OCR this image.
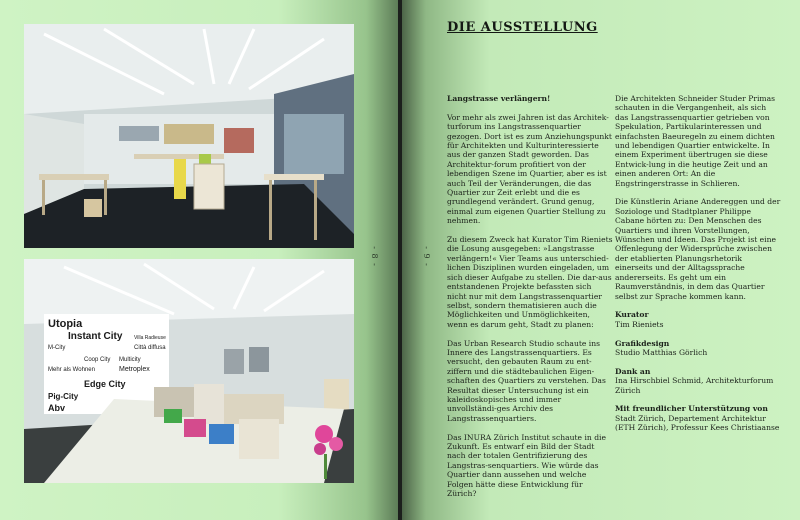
Utopia
Instant City Villa Radieuse
Città diffusa
M-City
Coop City Multicity
Metroplex
Mehr als Wohnen
Edge City
Pig-City
Abv
- 8 -	- 9 -
DIE AUSSTELLUNG

Langstrasse verlängern!

Vor mehr als zwei Jahren ist das Architek-turforum ins Langstrassenquartier gezogen. Dort ist es zum Anziehungspunkt für Architekten und Kulturinteressierte aus der ganzen Stadt geworden. Das Architektur-forum profitiert von der lebendigen Szene im Quartier, aber es ist auch Teil der Veränderungen, die das Quartier zur Zeit erlebt und die es grundlegend verändert. Grund genug, einmal zum eigenen Quartier Stellung zu nehmen.

Zu diesem Zweck hat Kurator Tim Rieniets die Losung ausgegeben: »Langstrasse verlängern!« Vier Teams aus unterschied-lichen Disziplinen wurden eingeladen, um sich dieser Aufgabe zu stellen. Die dar-aus entstandenen Projekte befassten sich nicht nur mit dem Langstrassenquartier selbst, sondern thematisieren auch die Möglichkeiten und Unmöglichkeiten, wenn es darum geht, Stadt zu planen:

Das Urban Research Studio schaute ins Innere des Langstrassenquartiers. Es versucht, den gebauten Raum zu ent-ziffern und die städtebaulichen Eigen-schaften des Quartiers zu verstehen. Das Resultat dieser Untersuchung ist ein kaleidoskopisches und immer unvollständi-ges Archiv des Langstrassenquartiers.

Das INURA Zürich Institut schaute in die Zukunft. Es entwarf ein Bild der Stadt nach der totalen Gentrifizierung des Langstras-senquartiers. Wie würde das Quartier dann aussehen und welche Folgen hätte diese Entwicklung für Zürich?

Die Architekten Schneider Studer Primas schauten in die Vergangenheit, als sich das Langstrassenquartier getrieben von Spekulation, Partikularinteressen und einfachsten Baeuregeln zu einem dichten und lebendigen Quartier entwickelte. In einem Experiment übertrugen sie diese Entwick-lung in die heutige Zeit und an einen anderen Ort: An die Engstringerstrasse in Schlieren.

Die Künstlerin Ariane Andereggen und der Soziologe und Stadtplaner Philippe Cabane hörten zu: Den Menschen des Quartiers und ihren Vorstellungen, Wünschen und Ideen. Das Projekt ist eine Offenlegung der Widersprüche zwischen der etablierten Planungsrhetorik einerseits und der Alltagssprache andererseits. Es geht um ein Raumverständnis, in dem das Quartier selbst zur Sprache kommen kann.

Kurator
Tim Rieniets

Grafikdesign
Studio Matthias Görlich

Dank an
Ina Hirschbiel Schmid, Architekturforum Zürich

Mit freundlicher Unterstützung von
Stadt Zürich, Departement Architektur (ETH Zürich), Professur Kees Christiaanse
